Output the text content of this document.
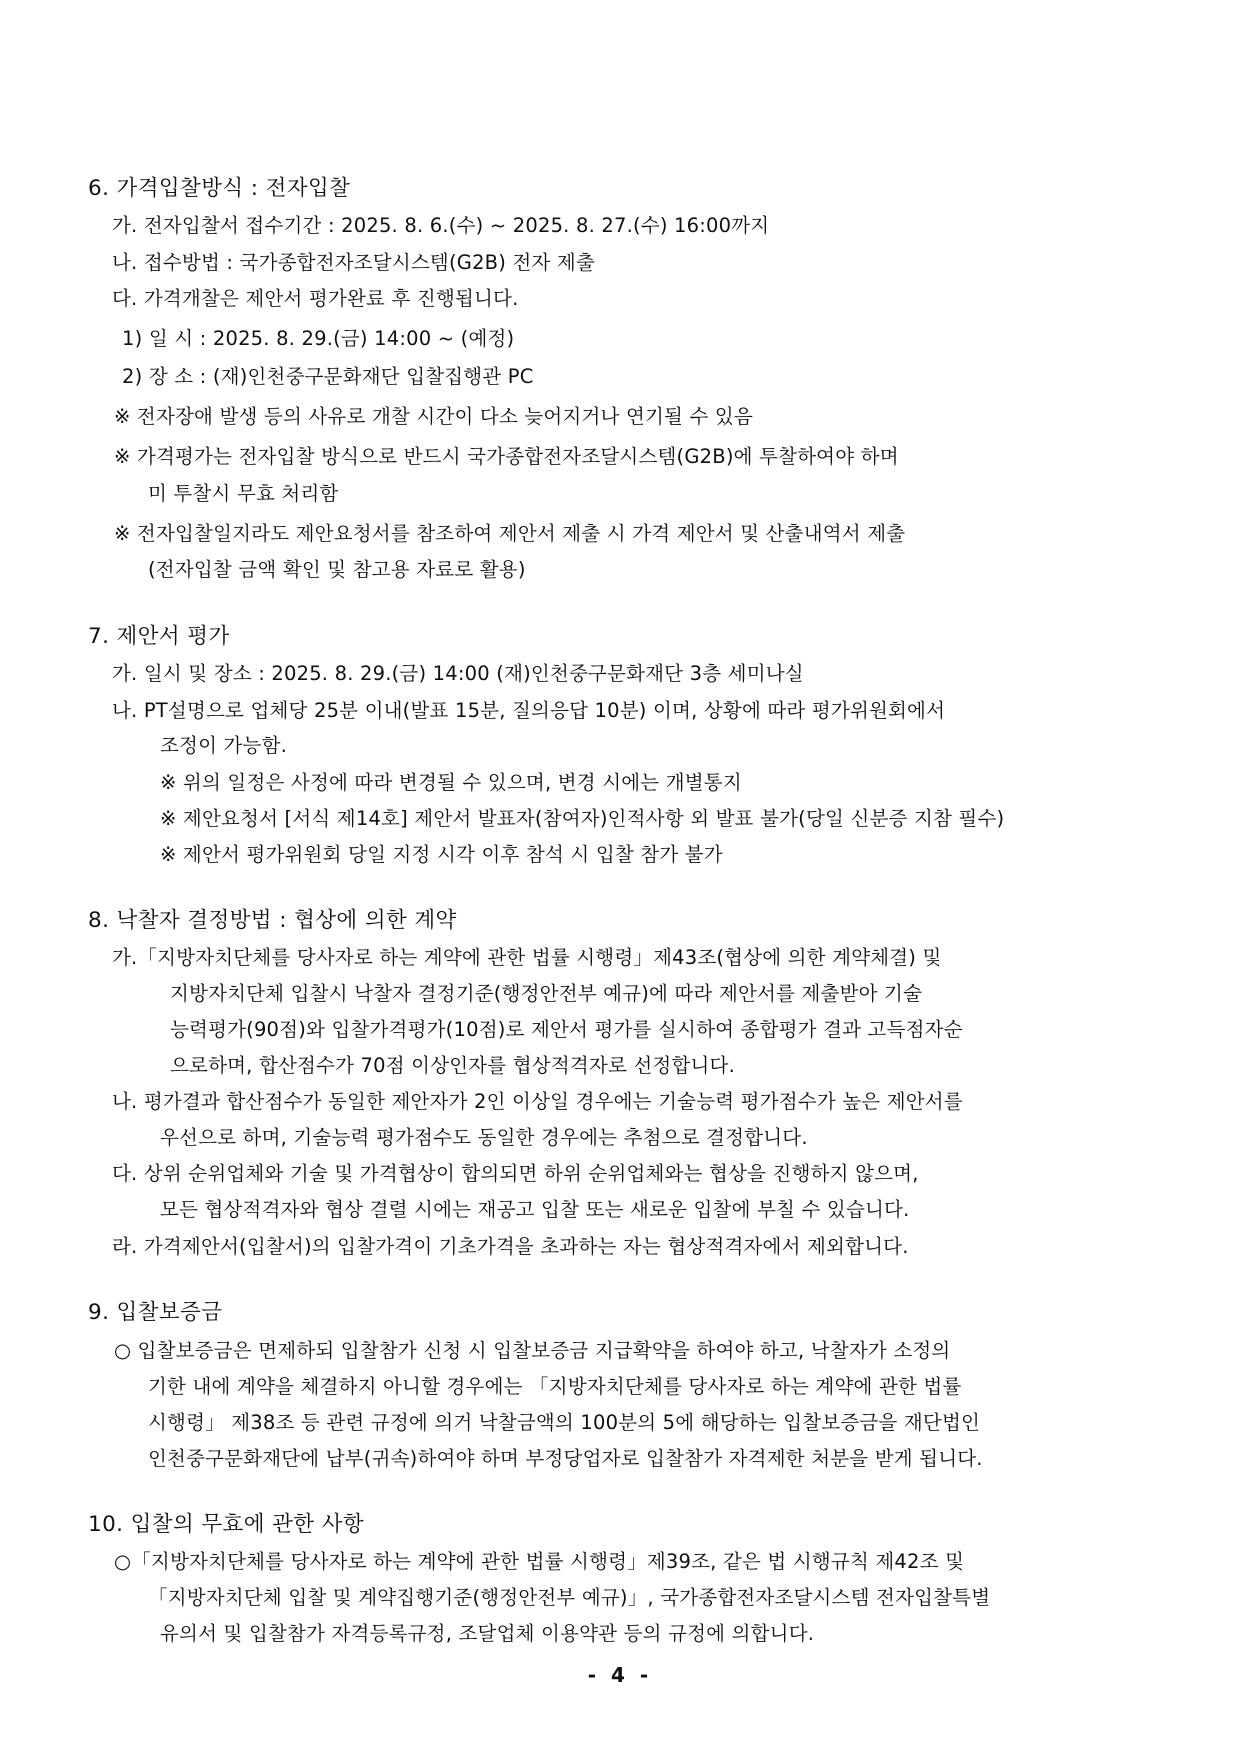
6. 가격입찰방식 : 전자입찰
가. 전자입찰서 접수기간 : 2025. 8. 6.(수) ~ 2025. 8. 27.(수) 16:00까지
나. 접수방법 : 국가종합전자조달시스템(G2B) 전자 제출
다. 가격개찰은 제안서 평가완료 후 진행됩니다.
1) 일 시 : 2025. 8. 29.(금) 14:00 ~ (예정)
2) 장 소 : (재)인천중구문화재단 입찰집행관 PC
※ 전자장애 발생 등의 사유로 개찰 시간이 다소 늦어지거나 연기될 수 있음
※ 가격평가는 전자입찰 방식으로 반드시 국가종합전자조달시스템(G2B)에 투찰하여야 하며
미 투찰시 무효 처리함
※ 전자입찰일지라도 제안요청서를 참조하여 제안서 제출 시 가격 제안서 및 산출내역서 제출
(전자입찰 금액 확인 및 참고용 자료로 활용)
7. 제안서 평가
가. 일시 및 장소 : 2025. 8. 29.(금) 14:00 (재)인천중구문화재단 3층 세미나실
나. PT설명으로 업체당 25분 이내(발표 15분, 질의응답 10분) 이며, 상황에 따라 평가위원회에서
조정이 가능함.
※ 위의 일정은 사정에 따라 변경될 수 있으며, 변경 시에는 개별통지
※ 제안요청서 [서식 제14호] 제안서 발표자(참여자)인적사항 외 발표 불가(당일 신분증 지참 필수)
※ 제안서 평가위원회 당일 지정 시각 이후 참석 시 입찰 참가 불가
8. 낙찰자 결정방법 : 협상에 의한 계약
가.「지방자치단체를 당사자로 하는 계약에 관한 법률 시행령」제43조(협상에 의한 계약체결) 및
지방자치단체 입찰시 낙찰자 결정기준(행정안전부 예규)에 따라 제안서를 제출받아 기술
능력평가(90점)와 입찰가격평가(10점)로 제안서 평가를 실시하여 종합평가 결과 고득점자순
으로하며, 합산점수가 70점 이상인자를 협상적격자로 선정합니다.
나. 평가결과 합산점수가 동일한 제안자가 2인 이상일 경우에는 기술능력 평가점수가 높은 제안서를
우선으로 하며, 기술능력 평가점수도 동일한 경우에는 추첨으로 결정합니다.
다. 상위 순위업체와 기술 및 가격협상이 합의되면 하위 순위업체와는 협상을 진행하지 않으며,
모든 협상적격자와 협상 결렬 시에는 재공고 입찰 또는 새로운 입찰에 부칠 수 있습니다.
라. 가격제안서(입찰서)의 입찰가격이 기초가격을 초과하는 자는 협상적격자에서 제외합니다.
9. 입찰보증금
○ 입찰보증금은 면제하되 입찰참가 신청 시 입찰보증금 지급확약을 하여야 하고, 낙찰자가 소정의
기한 내에 계약을 체결하지 아니할 경우에는 「지방자치단체를 당사자로 하는 계약에 관한 법률
시행령」 제38조 등 관련 규정에 의거 낙찰금액의 100분의 5에 해당하는 입찰보증금을 재단법인
인천중구문화재단에 납부(귀속)하여야 하며 부정당업자로 입찰참가 자격제한 처분을 받게 됩니다.
10. 입찰의 무효에 관한 사항
○「지방자치단체를 당사자로 하는 계약에 관한 법률 시행령」제39조, 같은 법 시행규칙 제42조 및
「지방자치단체 입찰 및 계약집행기준(행정안전부 예규)」, 국가종합전자조달시스템 전자입찰특별
유의서 및 입찰참가 자격등록규정, 조달업체 이용약관 등의 규정에 의합니다.
- 4 -
